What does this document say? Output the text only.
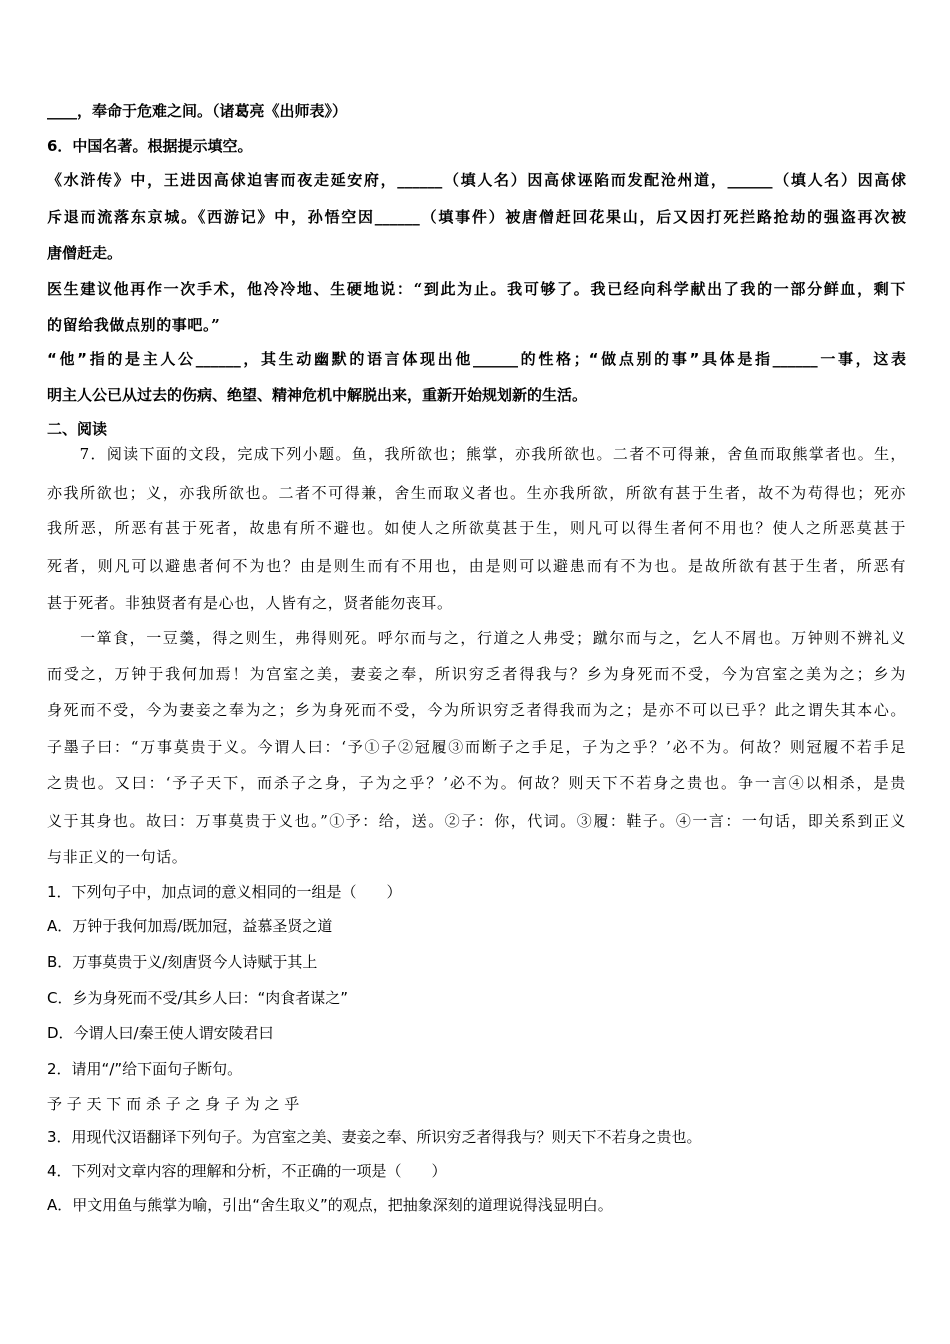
____，奉命于危难之间。（诸葛亮《出师表》）

6．中国名著。根据提示填空。

《水浒传》中，王进因高俅迫害而夜走延安府，______（填人名）因高俅诬陷而发配沧州道，______（填人名）因高俅

斥退而流落东京城。《西游记》中，孙悟空因______（填事件）被唐僧赶回花果山，后又因打死拦路抢劫的强盗再次被

唐僧赶走。

医生建议他再作一次手术，他冷冷地、生硬地说：“到此为止。我可够了。我已经向科学献出了我的一部分鲜血，剩下

的留给我做点别的事吧。”

“他”指的是主人公______，其生动幽默的语言体现出他______的性格；“做点别的事”具体是指______一事，这表

明主人公已从过去的伤病、绝望、精神危机中解脱出来，重新开始规划新的生活。

二、阅读

　　7．阅读下面的文段，完成下列小题。鱼，我所欲也；熊掌，亦我所欲也。二者不可得兼，舍鱼而取熊掌者也。生，

亦我所欲也；义，亦我所欲也。二者不可得兼，舍生而取义者也。生亦我所欲，所欲有甚于生者，故不为苟得也；死亦

我所恶，所恶有甚于死者，故患有所不避也。如使人之所欲莫甚于生，则凡可以得生者何不用也？使人之所恶莫甚于

死者，则凡可以避患者何不为也？由是则生而有不用也，由是则可以避患而有不为也。是故所欲有甚于生者，所恶有

甚于死者。非独贤者有是心也，人皆有之，贤者能勿丧耳。

　　一箪食，一豆羹，得之则生，弗得则死。呼尔而与之，行道之人弗受；蹴尔而与之，乞人不屑也。万钟则不辨礼义

而受之，万钟于我何加焉！为宫室之美，妻妾之奉，所识穷乏者得我与？乡为身死而不受，今为宫室之美为之；乡为

身死而不受，今为妻妾之奉为之；乡为身死而不受，今为所识穷乏者得我而为之；是亦不可以已乎？此之谓失其本心。

子墨子曰：“万事莫贵于义。今谓人曰：‘予①子②冠履③而断子之手足，子为之乎？’必不为。何故？则冠履不若手足

之贵也。又曰：‘予子天下，而杀子之身，子为之乎？’必不为。何故？则天下不若身之贵也。争一言④以相杀，是贵

义于其身也。故曰：万事莫贵于义也。”①予：给，送。②子：你，代词。③履：鞋子。④一言：一句话，即关系到正义

与非正义的一句话。

1．下列句子中，加点词的意义相同的一组是（　　）

A．万钟于我何加焉/既加冠，益慕圣贤之道

B．万事莫贵于义/刻唐贤今人诗赋于其上

C．乡为身死而不受/其乡人曰：“肉食者谋之”

D．今谓人曰/秦王使人谓安陵君曰

2．请用“/”给下面句子断句。

予 子 天 下 而 杀 子 之 身 子 为 之 乎

3．用现代汉语翻译下列句子。为宫室之美、妻妾之奉、所识穷乏者得我与？则天下不若身之贵也。

4．下列对文章内容的理解和分析，不正确的一项是（　　）

A．甲文用鱼与熊掌为喻，引出“舍生取义”的观点，把抽象深刻的道理说得浅显明白。
